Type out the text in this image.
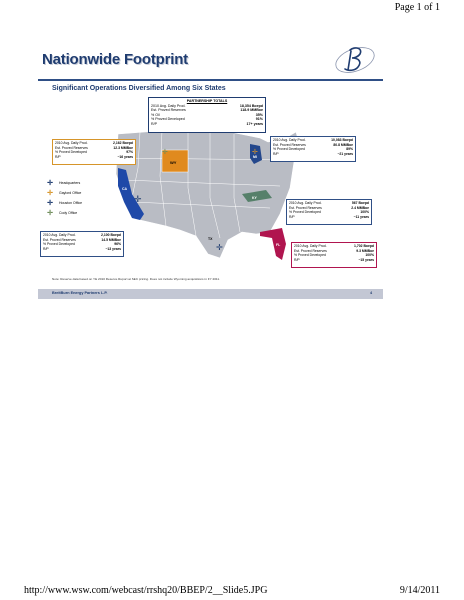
Page 1 of 1
Nationwide Footprint
Significant Operations Diversified Among Six States
✛
✛	✛
✛
WY
MI
KY
CA
TX
FL
PARTNERSHIP TOTALS
2010 Avg. Daily Prod.	18,354 Boepd
Est. Proved Reserves	118.9 MMBoe
% Oil	35%
% Proved Developed	91%
R/P	17+ years
2010 Avg. Daily Prod.	2,162 Boepd
Est. Proved Reserves	12.3 MMBoe
% Proved Developed	97%
R/P	~16 years
2010 Avg. Daily Prod.	10,083 Boepd
Est. Proved Reserves	80.8 MMBoe
% Proved Developed	89%
R/P	~21 years
2010 Avg. Daily Prod.	567 Boepd
Est. Proved Reserves	2.4 MMBoe
% Proved Developed	100%
R/P	~11 years
2010 Avg. Daily Prod.	2,100 Boepd
Est. Proved Reserves	14.5 MMBoe
% Proved Developed	96%
R/P	~13 years
2010 Avg. Daily Prod.	1,702 Boepd
Est. Proved Reserves	9.3 MMBoe
% Proved Developed	100%
R/P	~15 years
✛	Headquarters
✛	Gaylord Office
✛	Houston Office
✛	Cody Office
Note: Reserve data based on YE 2010 Reserve Report at SEC pricing. Does not include Wyoming acquisitions in FY 2011.
BreitBurn Energy Partners L.P.	4
http://www.wsw.com/webcast/rrshq20/BBEP/2__Slide5.JPG	9/14/2011
